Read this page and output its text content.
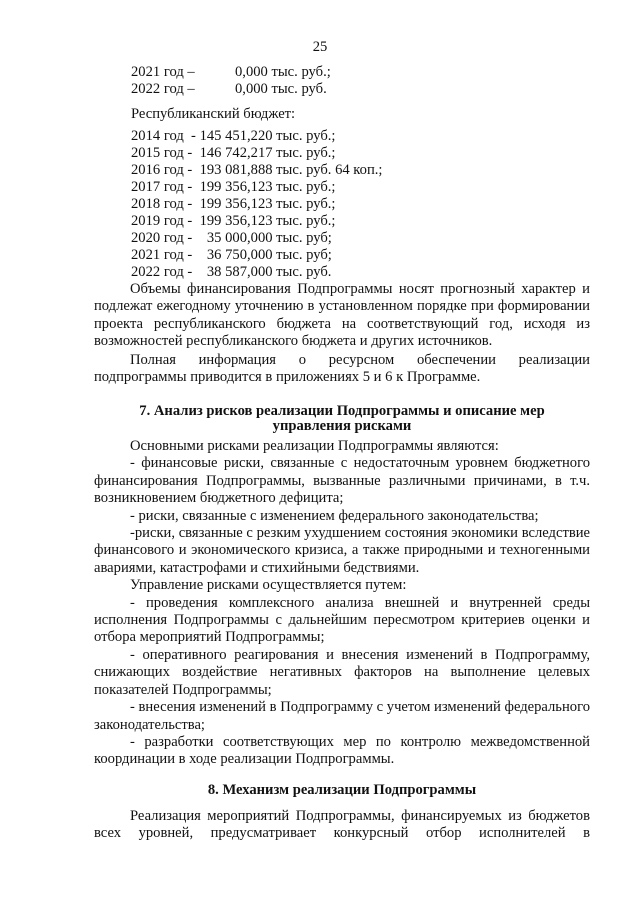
25
2021 год –	0,000 тыс. руб.;
2022 год –	0,000 тыс. руб.
Республиканский бюджет:
2014 год  - 145 451,220 тыс. руб.;
2015 год -  146 742,217 тыс. руб.;
2016 год -  193 081,888 тыс. руб. 64 коп.;
2017 год -  199 356,123 тыс. руб.;
2018 год -  199 356,123 тыс. руб.;
2019 год -  199 356,123 тыс. руб.;
2020 год -    35 000,000 тыс. руб;
2021 год -    36 750,000 тыс. руб;
2022 год -    38 587,000 тыс. руб.

Объемы финансирования Подпрограммы носят прогнозный характер и подлежат ежегодному уточнению в установленном порядке при формировании проекта республиканского бюджета на соответствующий год, исходя из возможностей республиканского бюджета и других источников.

Полная информация о ресурсном обеспечении реализации подпрограммы приводится в приложениях 5 и 6 к Программе.

7. Анализ рисков реализации Подпрограммы и описание мер
управления рисками

Основными рисками реализации Подпрограммы являются:

- финансовые риски, связанные с недостаточным уровнем бюджетного финансирования Подпрограммы, вызванные различными причинами, в т.ч. возникновением бюджетного дефицита;

- риски, связанные с изменением федерального законодательства;

-риски, связанные с резким ухудшением состояния экономики вследствие финансового и экономического кризиса, а также природными и техногенными авариями, катастрофами и стихийными бедствиями.

Управление рисками осуществляется путем:

- проведения комплексного анализа внешней и внутренней среды исполнения Подпрограммы с дальнейшим пересмотром критериев оценки и отбора мероприятий Подпрограммы;

- оперативного реагирования и внесения изменений в Подпрограмму, снижающих воздействие негативных факторов на выполнение целевых показателей Подпрограммы;

- внесения изменений в Подпрограмму с учетом изменений федерального законодательства;

- разработки соответствующих мер по контролю межведомственной координации в ходе реализации Подпрограммы.

8. Механизм реализации Подпрограммы

Реализация мероприятий Подпрограммы, финансируемых из бюджетов всех уровней, предусматривает конкурсный отбор исполнителей в
